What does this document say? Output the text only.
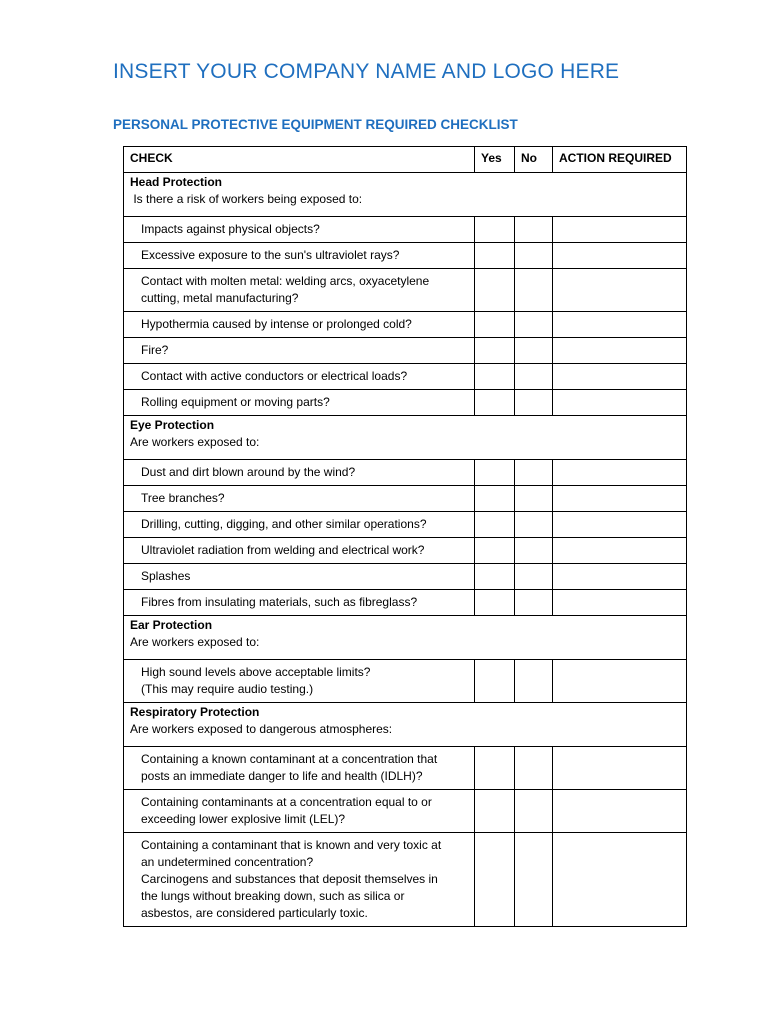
INSERT YOUR COMPANY NAME AND LOGO HERE
PERSONAL PROTECTIVE EQUIPMENT REQUIRED CHECKLIST
CHECK	Yes	No	ACTION REQUIRED

Head Protection
Is there a risk of workers being exposed to:			

Impacts against physical objects?			

Excessive exposure to the sun's ultraviolet rays?			

Contact with molten metal: welding arcs, oxyacetylene
cutting, metal manufacturing?			

Hypothermia caused by intense or prolonged cold?			

Fire?			

Contact with active conductors or electrical loads?			

Rolling equipment or moving parts?			

Eye Protection
Are workers exposed to:			

Dust and dirt blown around by the wind?			

Tree branches?			

Drilling, cutting, digging, and other similar operations?			

Ultraviolet radiation from welding and electrical work?			

Splashes			

Fibres from insulating materials, such as fibreglass?			

Ear Protection
Are workers exposed to:			

High sound levels above acceptable limits?
(This may require audio testing.)			

Respiratory Protection
Are workers exposed to dangerous atmospheres:			

Containing a known contaminant at a concentration that
posts an immediate danger to life and health (IDLH)?			

Containing contaminants at a concentration equal to or
exceeding lower explosive limit (LEL)?			

Containing a contaminant that is known and very toxic at
an undetermined concentration?
Carcinogens and substances that deposit themselves in
the lungs without breaking down, such as silica or
asbestos, are considered particularly toxic.			
